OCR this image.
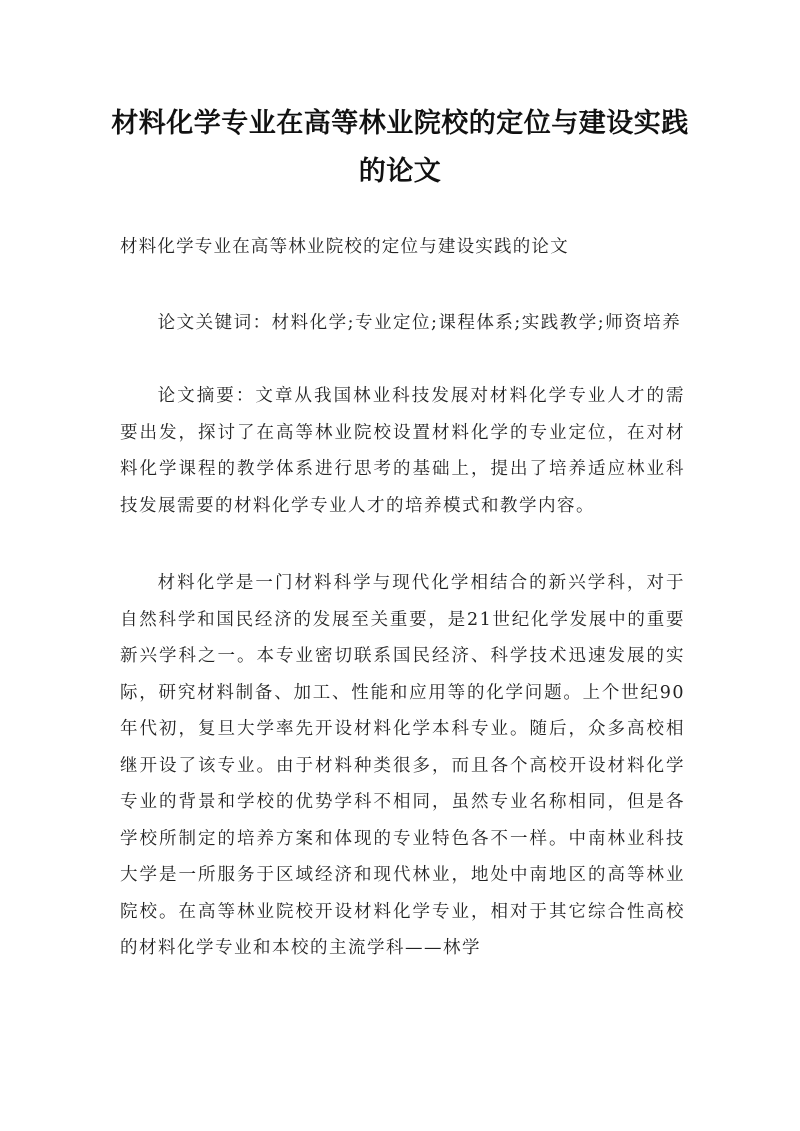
材料化学专业在高等林业院校的定位与建设实践的论文

材料化学专业在高等林业院校的定位与建设实践的论文

论文关键词：材料化学;专业定位;课程体系;实践教学;师资培养

论文摘要：文章从我国林业科技发展对材料化学专业人才的需要出发，探讨了在高等林业院校设置材料化学的专业定位，在对材料化学课程的教学体系进行思考的基础上，提出了培养适应林业科技发展需要的材料化学专业人才的培养模式和教学内容。

材料化学是一门材料科学与现代化学相结合的新兴学科，对于自然科学和国民经济的发展至关重要，是21世纪化学发展中的重要新兴学科之一。本专业密切联系国民经济、科学技术迅速发展的实际，研究材料制备、加工、性能和应用等的化学问题。上个世纪90年代初，复旦大学率先开设材料化学本科专业。随后，众多高校相继开设了该专业。由于材料种类很多，而且各个高校开设材料化学专业的背景和学校的优势学科不相同，虽然专业名称相同，但是各学校所制定的培养方案和体现的专业特色各不一样。中南林业科技大学是一所服务于区域经济和现代林业，地处中南地区的高等林业院校。在高等林业院校开设材料化学专业，相对于其它综合性高校的材料化学专业和本校的主流学科——林学
